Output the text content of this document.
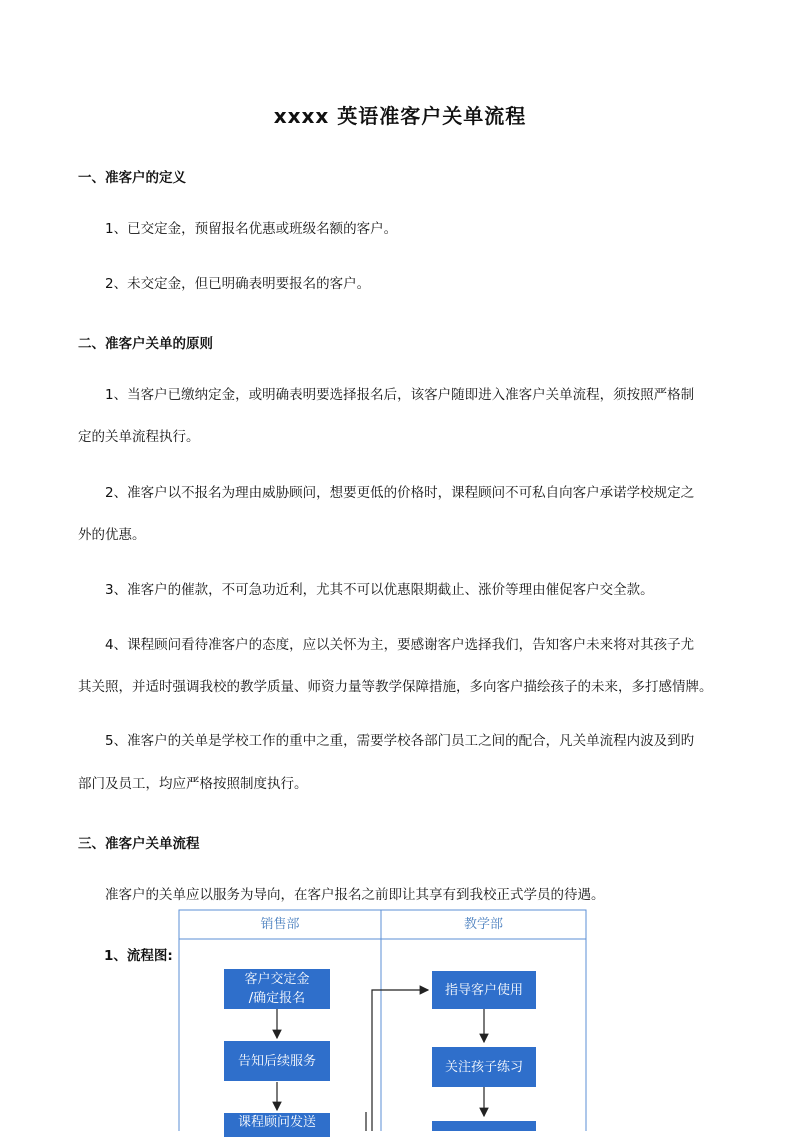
xxxx 英语准客户关单流程
一、准客户的定义
1、已交定金，预留报名优惠或班级名额的客户。
2、未交定金，但已明确表明要报名的客户。
二、准客户关单的原则
1、当客户已缴纳定金，或明确表明要选择报名后，该客户随即进入准客户关单流程，须按照严格制
定的关单流程执行。
2、准客户以不报名为理由威胁顾问，想要更低的价格时，课程顾问不可私自向客户承诺学校规定之
外的优惠。
3、准客户的催款，不可急功近利，尤其不可以优惠限期截止、涨价等理由催促客户交全款。
4、课程顾问看待准客户的态度，应以关怀为主，要感谢客户选择我们，告知客户未来将对其孩子尤
其关照，并适时强调我校的教学质量、师资力量等教学保障措施，多向客户描绘孩子的未来，多打感情牌。
5、准客户的关单是学校工作的重中之重，需要学校各部门员工之间的配合，凡关单流程内波及到旳
部门及员工，均应严格按照制度执行。
三、准客户关单流程
准客户的关单应以服务为导向，在客户报名之前即让其享有到我校正式学员的待遇。
1、流程图:
销售部	教学部
客户交定金
/确定报名
告知后续服务
课程顾问发送
指导客户使用
关注孩子练习
